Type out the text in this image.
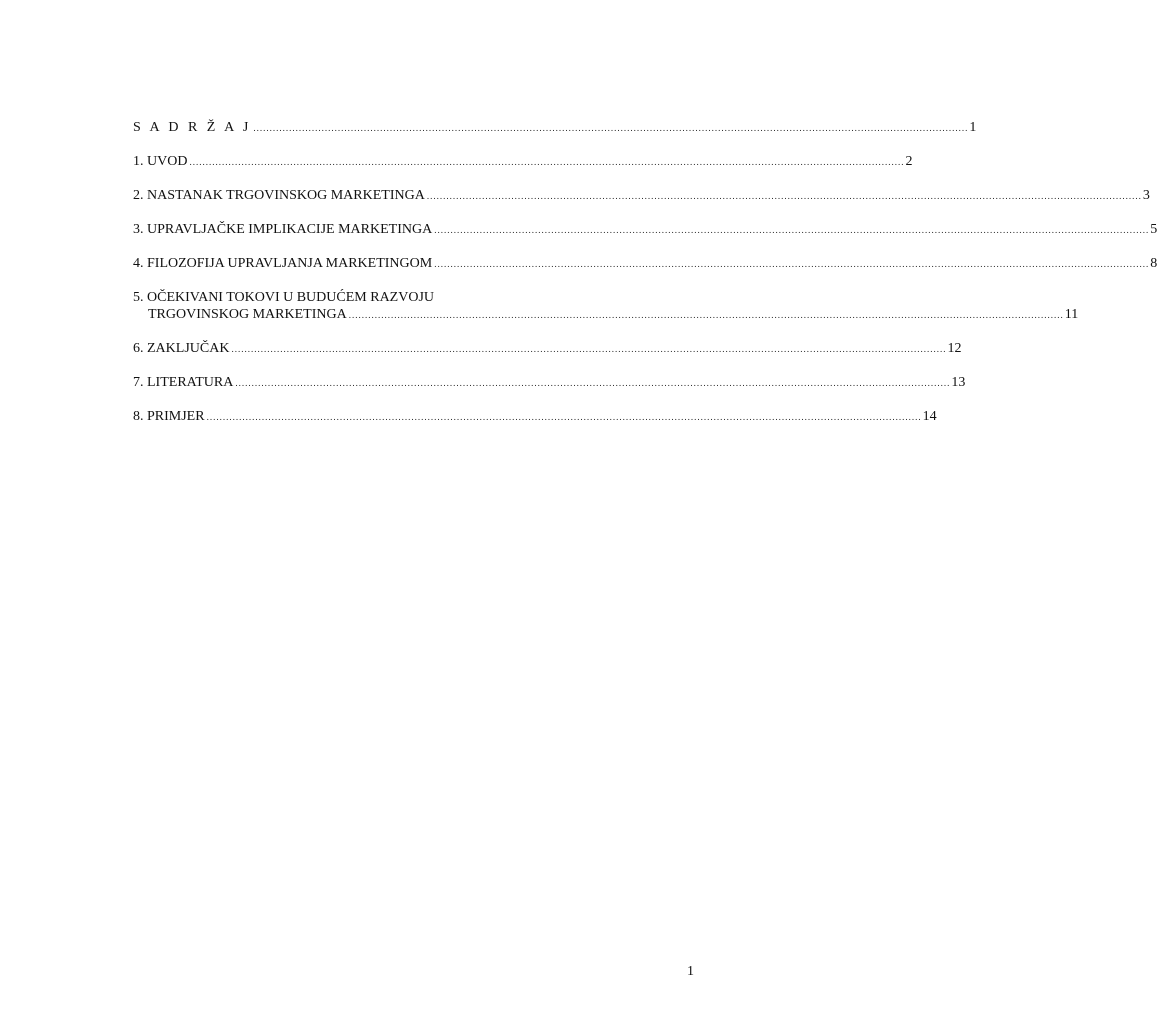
S A D R Ž A J ............................................................................................................................................................................................................................ 1
1. UVOD ............................................................................................................................................................................................................................ 2
2. NASTANAK TRGOVINSKOG MARKETINGA ............................................................................................................................................................................................................................ 3
3. UPRAVLJAČKE IMPLIKACIJE MARKETINGA ............................................................................................................................................................................................................................ 5
4. FILOZOFIJA UPRAVLJANJA MARKETINGOM ............................................................................................................................................................................................................................ 8
5. OČEKIVANI TOKOVI U BUDUĆEM RAZVOJU
TRGOVINSKOG MARKETINGA ............................................................................................................................................................................................................................ 11
6. ZAKLJUČAK ............................................................................................................................................................................................................................ 12
7. LITERATURA ............................................................................................................................................................................................................................ 13
8. PRIMJER ............................................................................................................................................................................................................................ 14
1
